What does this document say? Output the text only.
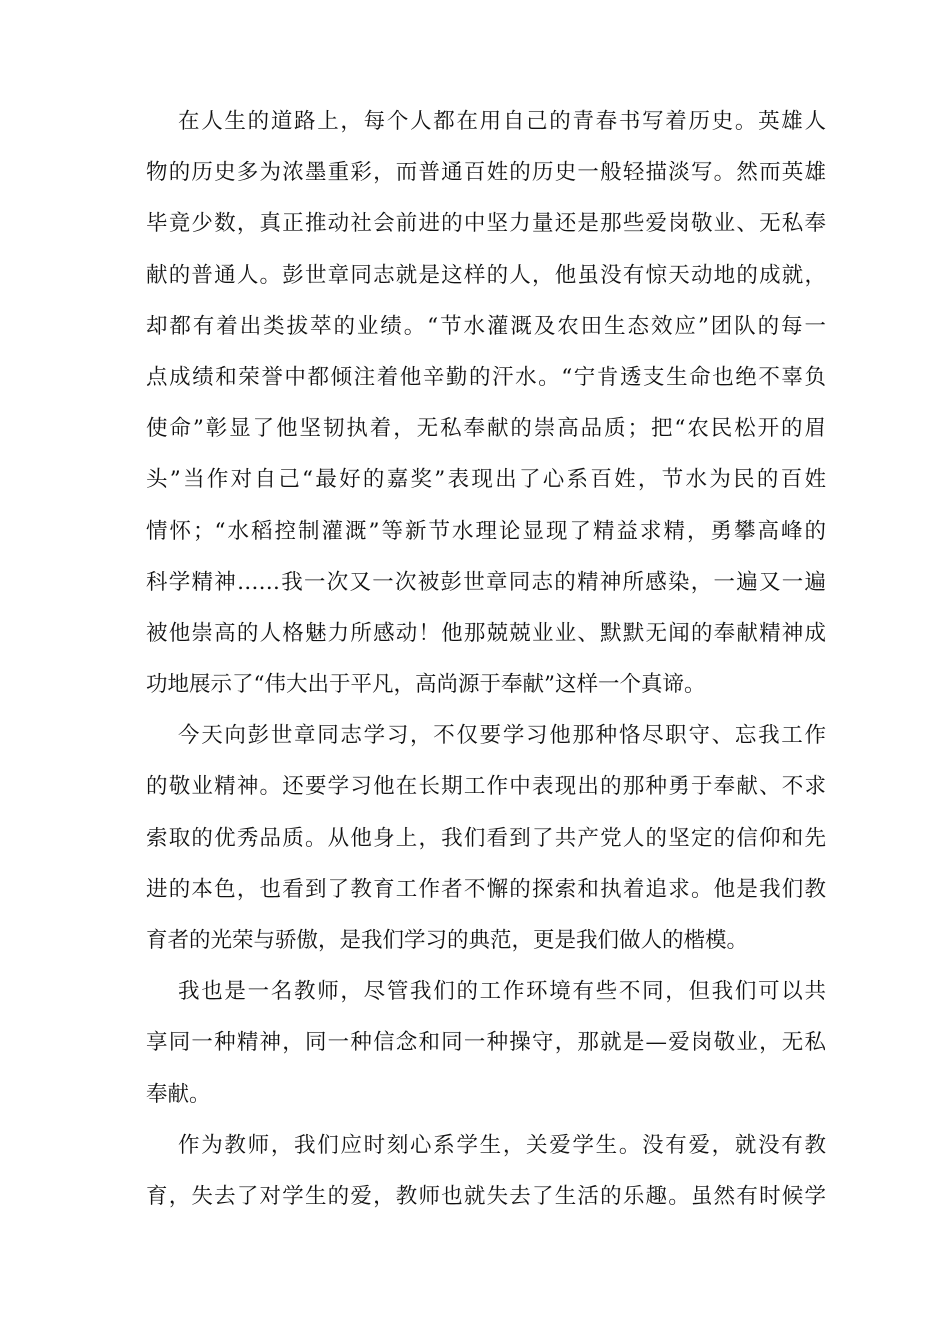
在人生的道路上，每个人都在用自己的青春书写着历史。英雄人
物的历史多为浓墨重彩，而普通百姓的历史一般轻描淡写。然而英雄
毕竟少数，真正推动社会前进的中坚力量还是那些爱岗敬业、无私奉
献的普通人。彭世章同志就是这样的人，他虽没有惊天动地的成就，
却都有着出类拔萃的业绩。“节水灌溉及农田生态效应”团队的每一
点成绩和荣誉中都倾注着他辛勤的汗水。“宁肯透支生命也绝不辜负
使命”彰显了他坚韧执着，无私奉献的崇高品质；把“农民松开的眉
头”当作对自己“最好的嘉奖”表现出了心系百姓，节水为民的百姓
情怀；“水稻控制灌溉”等新节水理论显现了精益求精，勇攀高峰的
科学精神……我一次又一次被彭世章同志的精神所感染，一遍又一遍
被他崇高的人格魅力所感动！他那兢兢业业、默默无闻的奉献精神成
功地展示了“伟大出于平凡，高尚源于奉献”这样一个真谛。
今天向彭世章同志学习，不仅要学习他那种恪尽职守、忘我工作
的敬业精神。还要学习他在长期工作中表现出的那种勇于奉献、不求
索取的优秀品质。从他身上，我们看到了共产党人的坚定的信仰和先
进的本色，也看到了教育工作者不懈的探索和执着追求。他是我们教
育者的光荣与骄傲，是我们学习的典范，更是我们做人的楷模。
我也是一名教师，尽管我们的工作环境有些不同，但我们可以共
享同一种精神，同一种信念和同一种操守，那就是—爱岗敬业，无私
奉献。
作为教师，我们应时刻心系学生，关爱学生。没有爱，就没有教
育，失去了对学生的爱，教师也就失去了生活的乐趣。虽然有时候学
